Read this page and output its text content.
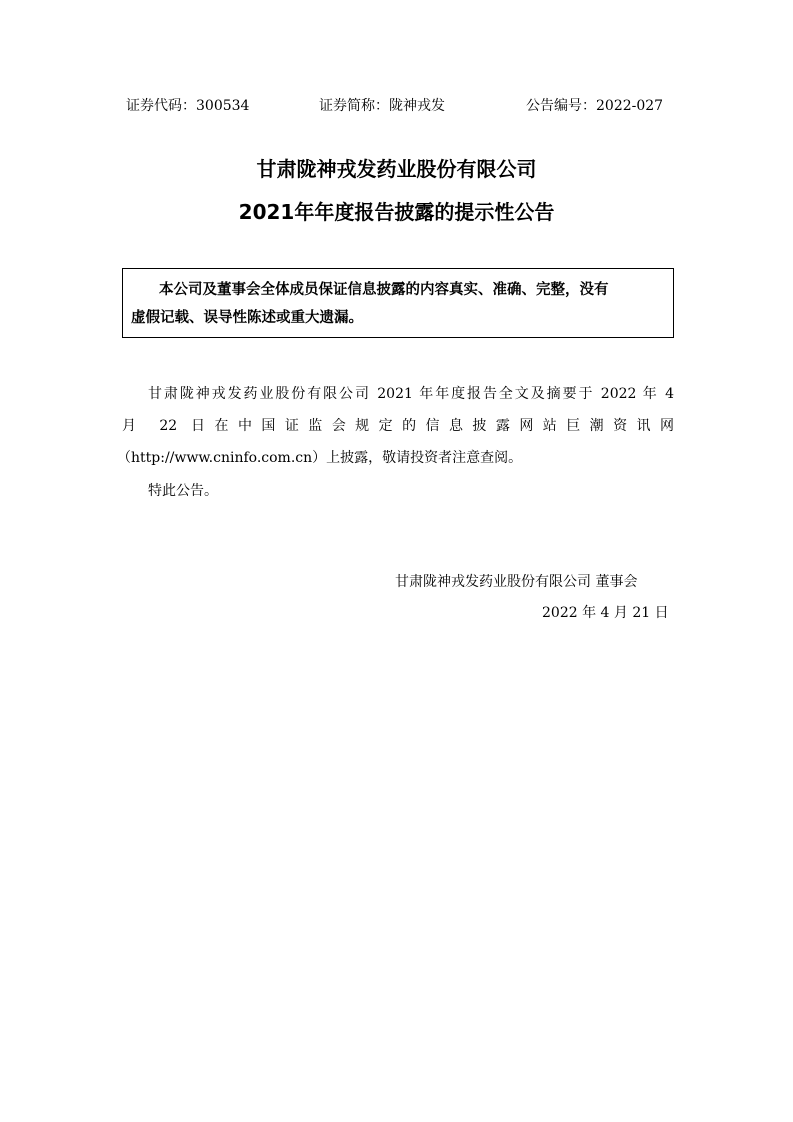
证券代码：300534	证券简称：陇神戎发	公告编号：2022-027
甘肃陇神戎发药业股份有限公司
2021年年度报告披露的提示性公告
本公司及董事会全体成员保证信息披露的内容真实、准确、完整，没有
虚假记载、误导性陈述或重大遗漏。
甘肃陇神戎发药业股份有限公司 2021 年年度报告全文及摘要于 2022 年 4
月 22 日在中国证监会规定的信息披露网站巨潮资讯网
（http://www.cninfo.com.cn）上披露，敬请投资者注意查阅。
特此公告。
甘肃陇神戎发药业股份有限公司 董事会
2022 年 4 月 21 日
